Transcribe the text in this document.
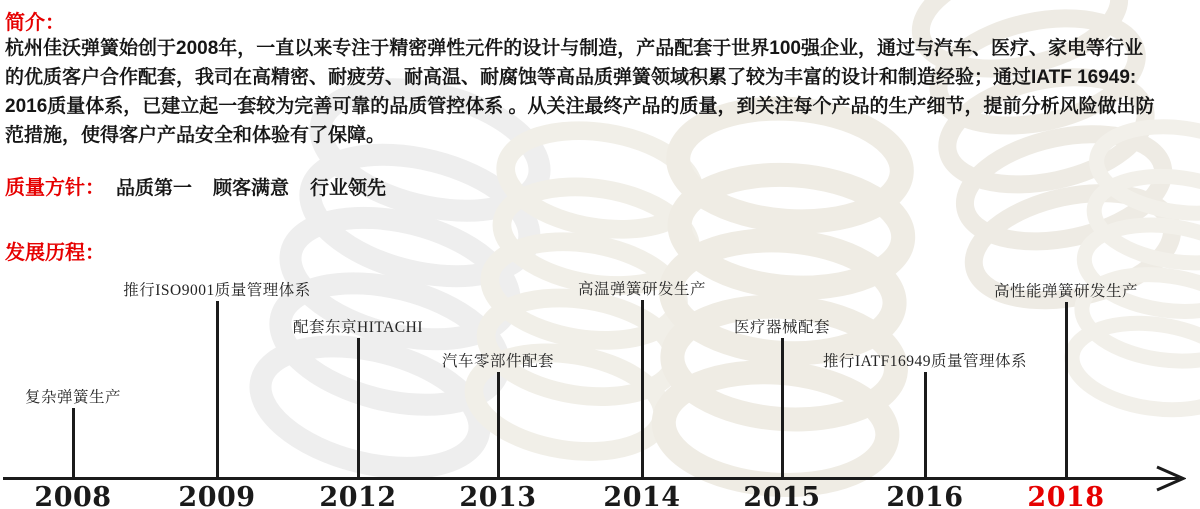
简介：
杭州佳沃弹簧始创于2008年，一直以来专注于精密弹性元件的设计与制造，产品配套于世界100强企业，通过与汽车、医疗、家电等行业
的优质客户合作配套，我司在高精密、耐疲劳、耐高温、耐腐蚀等高品质弹簧领域积累了较为丰富的设计和制造经验；通过IATF 16949:
2016质量体系，已建立起一套较为完善可靠的品质管控体系 。从关注最终产品的质量，到关注每个产品的生产细节，提前分析风险做出防
范措施，使得客户产品安全和体验有了保障。
质量方针： 品质第一 顾客满意 行业领先
发展历程：
复杂弹簧生产
2008
推行ISO9001质量管理体系
2009
配套东京HITACHI
2012
汽车零部件配套
2013
高温弹簧研发生产
2014
医疗器械配套
2015
推行IATF16949质量管理体系
2016
高性能弹簧研发生产
2018
